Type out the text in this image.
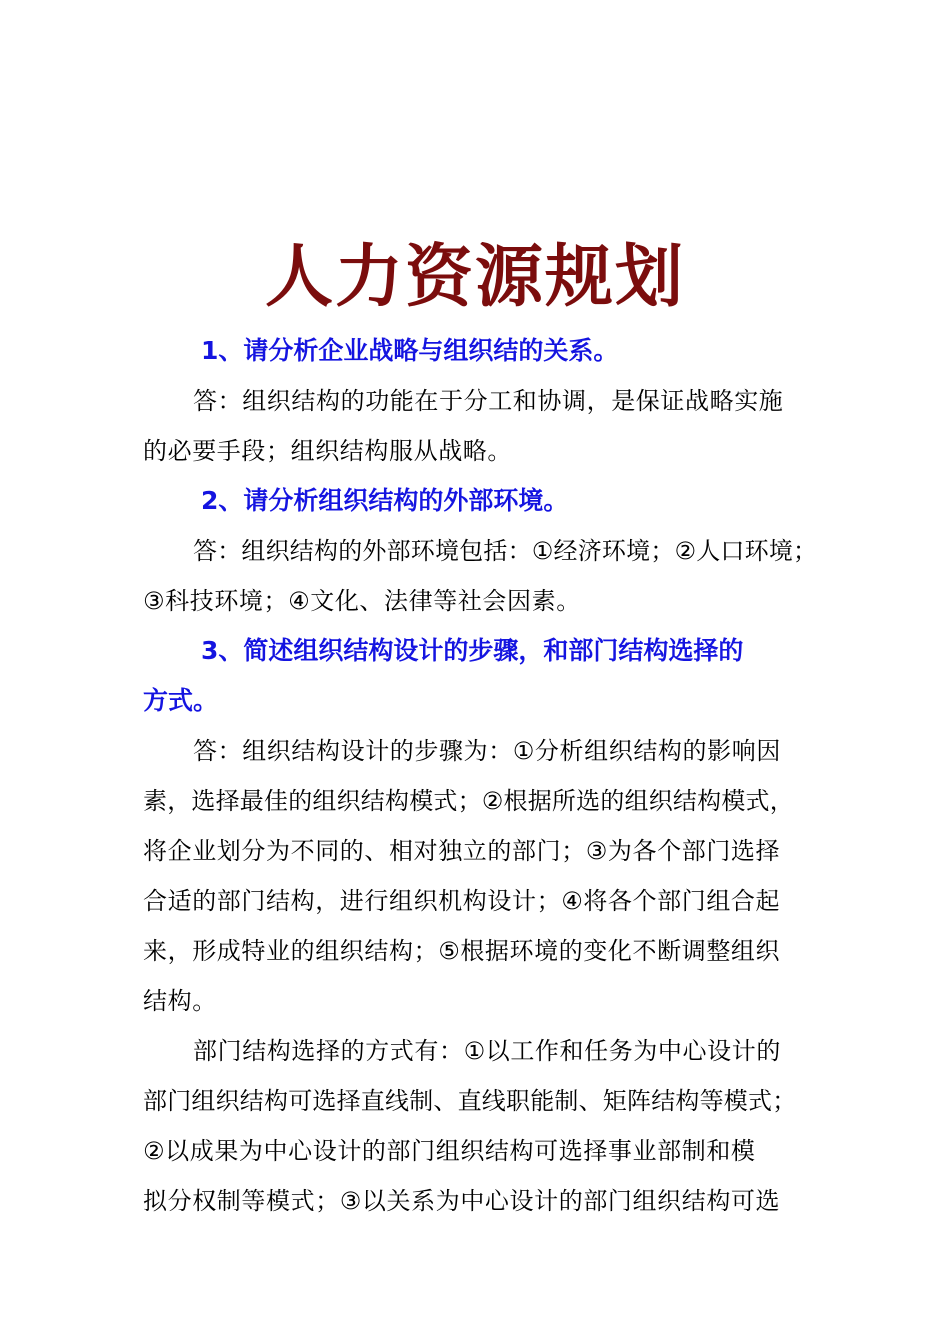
人力资源规划
1、请分析企业战略与组织结的关系。
答：组织结构的功能在于分工和协调，是保证战略实施
的必要手段；组织结构服从战略。
2、请分析组织结构的外部环境。
答：组织结构的外部环境包括：①经济环境；②人口环境；
③科技环境；④文化、法律等社会因素。
3、简述组织结构设计的步骤，和部门结构选择的
方式。
答：组织结构设计的步骤为：①分析组织结构的影响因
素，选择最佳的组织结构模式；②根据所选的组织结构模式，
将企业划分为不同的、相对独立的部门；③为各个部门选择
合适的部门结构，进行组织机构设计；④将各个部门组合起
来，形成特业的组织结构；⑤根据环境的变化不断调整组织
结构。
部门结构选择的方式有：①以工作和任务为中心设计的
部门组织结构可选择直线制、直线职能制、矩阵结构等模式；
②以成果为中心设计的部门组织结构可选择事业部制和模
拟分权制等模式；③以关系为中心设计的部门组织结构可选
